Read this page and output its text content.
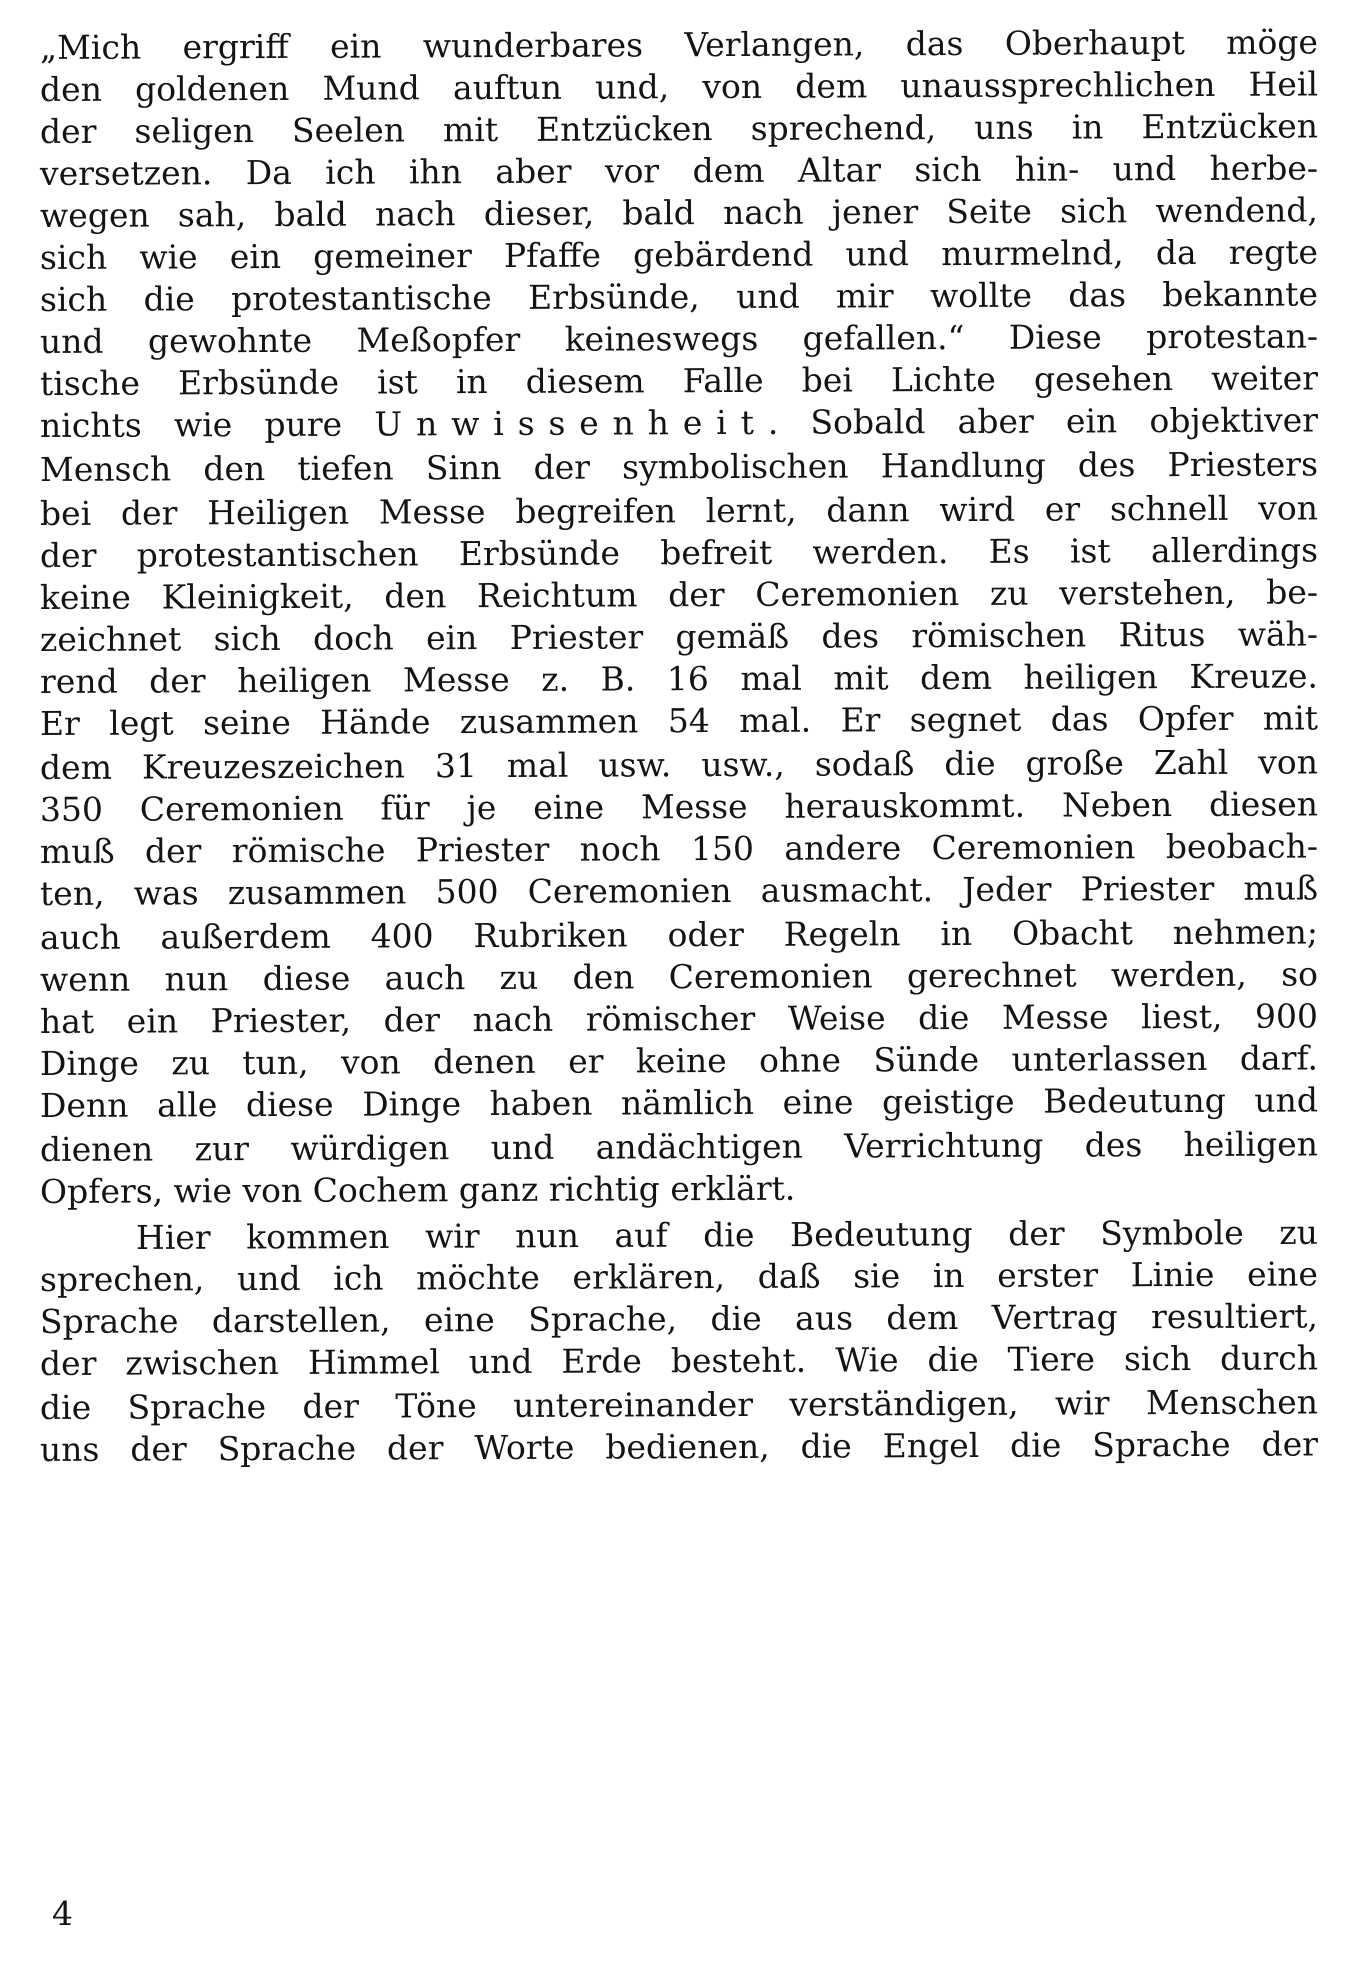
„Mich ergriff ein wunderbares Verlangen, das Oberhaupt möge
den goldenen Mund auftun und, von dem unaussprechlichen Heil
der seligen Seelen mit Entzücken sprechend, uns in Entzücken
versetzen. Da ich ihn aber vor dem Altar sich hin- und herbe-
wegen sah, bald nach dieser, bald nach jener Seite sich wendend,
sich wie ein gemeiner Pfaffe gebärdend und murmelnd, da regte
sich die protestantische Erbsünde, und mir wollte das bekannte
und gewohnte Meßopfer keineswegs gefallen.“ Diese protestan-
tische Erbsünde ist in diesem Falle bei Lichte gesehen weiter
nichts wie pure Unwissenheit. Sobald aber ein objektiver
Mensch den tiefen Sinn der symbolischen Handlung des Priesters
bei der Heiligen Messe begreifen lernt, dann wird er schnell von
der protestantischen Erbsünde befreit werden. Es ist allerdings
keine Kleinigkeit, den Reichtum der Ceremonien zu verstehen, be-
zeichnet sich doch ein Priester gemäß des römischen Ritus wäh-
rend der heiligen Messe z. B. 16 mal mit dem heiligen Kreuze.
Er legt seine Hände zusammen 54 mal. Er segnet das Opfer mit
dem Kreuzeszeichen 31 mal usw. usw., sodaß die große Zahl von
350 Ceremonien für je eine Messe herauskommt. Neben diesen
muß der römische Priester noch 150 andere Ceremonien beobach-
ten, was zusammen 500 Ceremonien ausmacht. Jeder Priester muß
auch außerdem 400 Rubriken oder Regeln in Obacht nehmen;
wenn nun diese auch zu den Ceremonien gerechnet werden, so
hat ein Priester, der nach römischer Weise die Messe liest, 900
Dinge zu tun, von denen er keine ohne Sünde unterlassen darf.
Denn alle diese Dinge haben nämlich eine geistige Bedeutung und
dienen zur würdigen und andächtigen Verrichtung des heiligen
Opfers, wie von Cochem ganz richtig erklärt.
Hier kommen wir nun auf die Bedeutung der Symbole zu
sprechen, und ich möchte erklären, daß sie in erster Linie eine
Sprache darstellen, eine Sprache, die aus dem Vertrag resultiert,
der zwischen Himmel und Erde besteht. Wie die Tiere sich durch
die Sprache der Töne untereinander verständigen, wir Menschen
uns der Sprache der Worte bedienen, die Engel die Sprache der
4
